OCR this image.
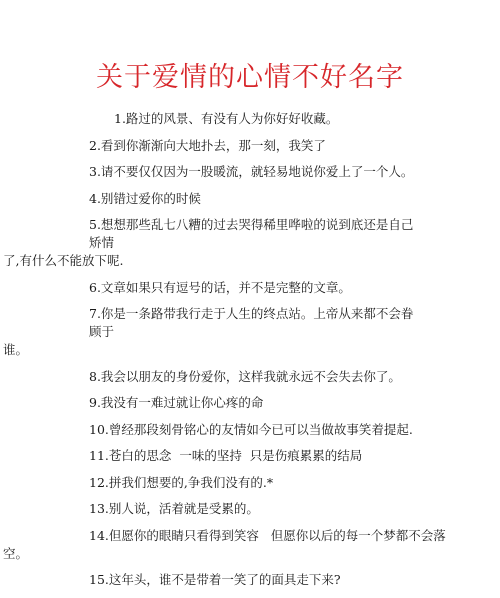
关于爱情的心情不好名字
1.路过的风景、有没有人为你好好收藏。
2.看到你渐渐向大地扑去，那一刻，我笑了
3.请不要仅仅因为一股暖流，就轻易地说你爱上了一个人。
4.别错过爱你的时候
5.想想那些乱七八糟的过去哭得稀里哗啦的说到底还是自己矫情
了,有什么不能放下呢.
6.文章如果只有逗号的话，并不是完整的文章。
7.你是一条路带我行走于人生的终点站。上帝从来都不会眷顾于
谁。
8.我会以朋友的身份爱你，这样我就永远不会失去你了。
9.我没有一难过就让你心疼的命
10.曾经那段刻骨铭心的友情如今已可以当做故事笑着提起.
11.苍白的思念  一味的坚持  只是伤痕累累的结局
12.拼我们想要的,争我们没有的.*
13.别人说，活着就是受累的。
14.但愿你的眼睛只看得到笑容   但愿你以后的每一个梦都不会落
空。
15.这年头，谁不是带着一笑了的面具走下来?
